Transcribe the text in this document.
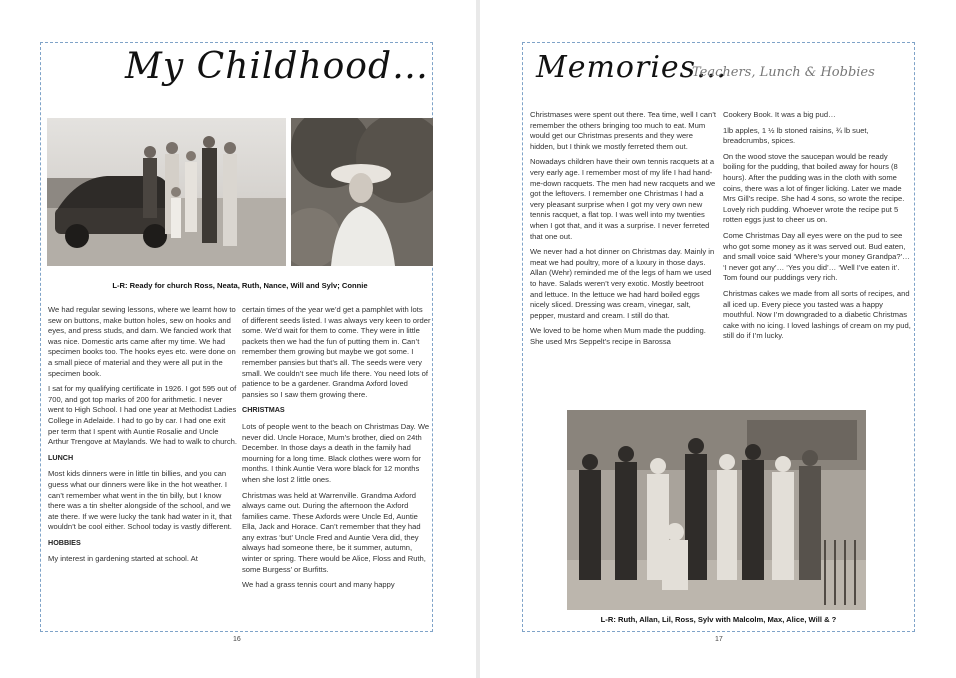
My Childhood…
L-R: Ready for church Ross, Neata, Ruth, Nance, Will and Sylv; Connie

We had regular sewing lessons, where we learnt how to sew on buttons, make button holes, sew on hooks and eyes, and press studs, and darn. We fancied work that was nice. Domestic arts came after my time. We had specimen books too. The hooks eyes etc. were done on a small piece of material and they were all put in the specimen book.

I sat for my qualifying certificate in 1926. I got 595 out of 700, and got top marks of 200 for arithmetic. I never went to High School. I had one year at Methodist Ladies College in Adelaide. I had to go by car. I had one exit per term that I spent with Auntie Rosalie and Uncle Arthur Trengove at Maylands. We had to walk to church.

LUNCH

Most kids dinners were in little tin billies, and you can guess what our dinners were like in the hot weather. I can’t remember what went in the tin billy, but I know there was a tin shelter alongside of the school, and we ate there. If we were lucky the tank had water in it, that wouldn’t be cool either. School today is vastly different.

HOBBIES

My interest in gardening started at school. At

certain times of the year we’d get a pamphlet with lots of different seeds listed. I was always very keen to order some. We’d wait for them to come. They were in little packets then we had the fun of putting them in. Can’t remember them growing but maybe we got some. I remember pansies but that’s all. The seeds were very small. We couldn’t see much life there. You need lots of patience to be a gardener. Grandma Axford loved pansies so I saw them growing there.

CHRISTMAS

Lots of people went to the beach on Christmas Day. We never did. Uncle Horace, Mum’s brother, died on 24th December. In those days a death in the family had mourning for a long time. Black clothes were worn for months. I think Auntie Vera wore black for 12 months when she lost 2 little ones.

Christmas was held at Warrenville. Grandma Axford always came out. During the afternoon the Axford families came. These Axfords were Uncle Ed, Auntie Ella, Jack and Horace. Can’t remember that they had any extras ‘but’ Uncle Fred and Auntie Vera did, they always had someone there, be it summer, autumn, winter or spring. There would be Alice, Floss and Ruth, some Burgess’ or Burfitts.

We had a grass tennis court and many happy

16
Memories…
Teachers, Lunch & Hobbies

Christmases were spent out there. Tea time, well I can’t remember the others bringing too much to eat. Mum would get our Christmas presents and they were hidden, but I think we mostly ferreted them out.

Nowadays children have their own tennis racquets at a very early age. I remember most of my life I had hand-me-down racquets. The men had new racquets and we got the leftovers. I remember one Christmas I had a very pleasant surprise when I got my very own new tennis racquet, a flat top. I was well into my twenties when I got that, and it was a surprise. I never ferreted that one out.

We never had a hot dinner on Christmas day. Mainly in meat we had poultry, more of a luxury in those days. Allan (Wehr) reminded me of the legs of ham we used to have. Salads weren’t very exotic. Mostly beetroot and lettuce. In the lettuce we had hard boiled eggs nicely sliced. Dressing was cream, vinegar, salt, pepper, mustard and cream. I still do that.

We loved to be home when Mum made the pudding. She used Mrs Seppelt’s recipe in Barossa

Cookery Book. It was a big pud…

1lb apples, 1 ½ lb stoned raisins, ¾ lb suet, breadcrumbs, spices.

On the wood stove the saucepan would be ready boiling for the pudding, that boiled away for hours (8 hours). After the pudding was in the cloth with some coins, there was a lot of finger licking. Later we made Mrs Gill’s recipe. She had 4 sons, so wrote the recipe. Lovely rich pudding. Whoever wrote the recipe put 5 rotten eggs just to cheer us on.

Come Christmas Day all eyes were on the pud to see who got some money as it was served out. Bud eaten, and small voice said ‘Where’s your money Grandpa?’… ‘I never got any’… ‘Yes you did’… ‘Well I’ve eaten it’. Tom found our puddings very rich.

Christmas cakes we made from all sorts of recipes, and all iced up. Every piece you tasted was a happy mouthful. Now I’m downgraded to a diabetic Christmas cake with no icing. I loved lashings of cream on my pud, still do if I’m lucky.

L-R: Ruth, Allan, Lil, Ross, Sylv with Malcolm, Max, Alice, Will & ?
17
